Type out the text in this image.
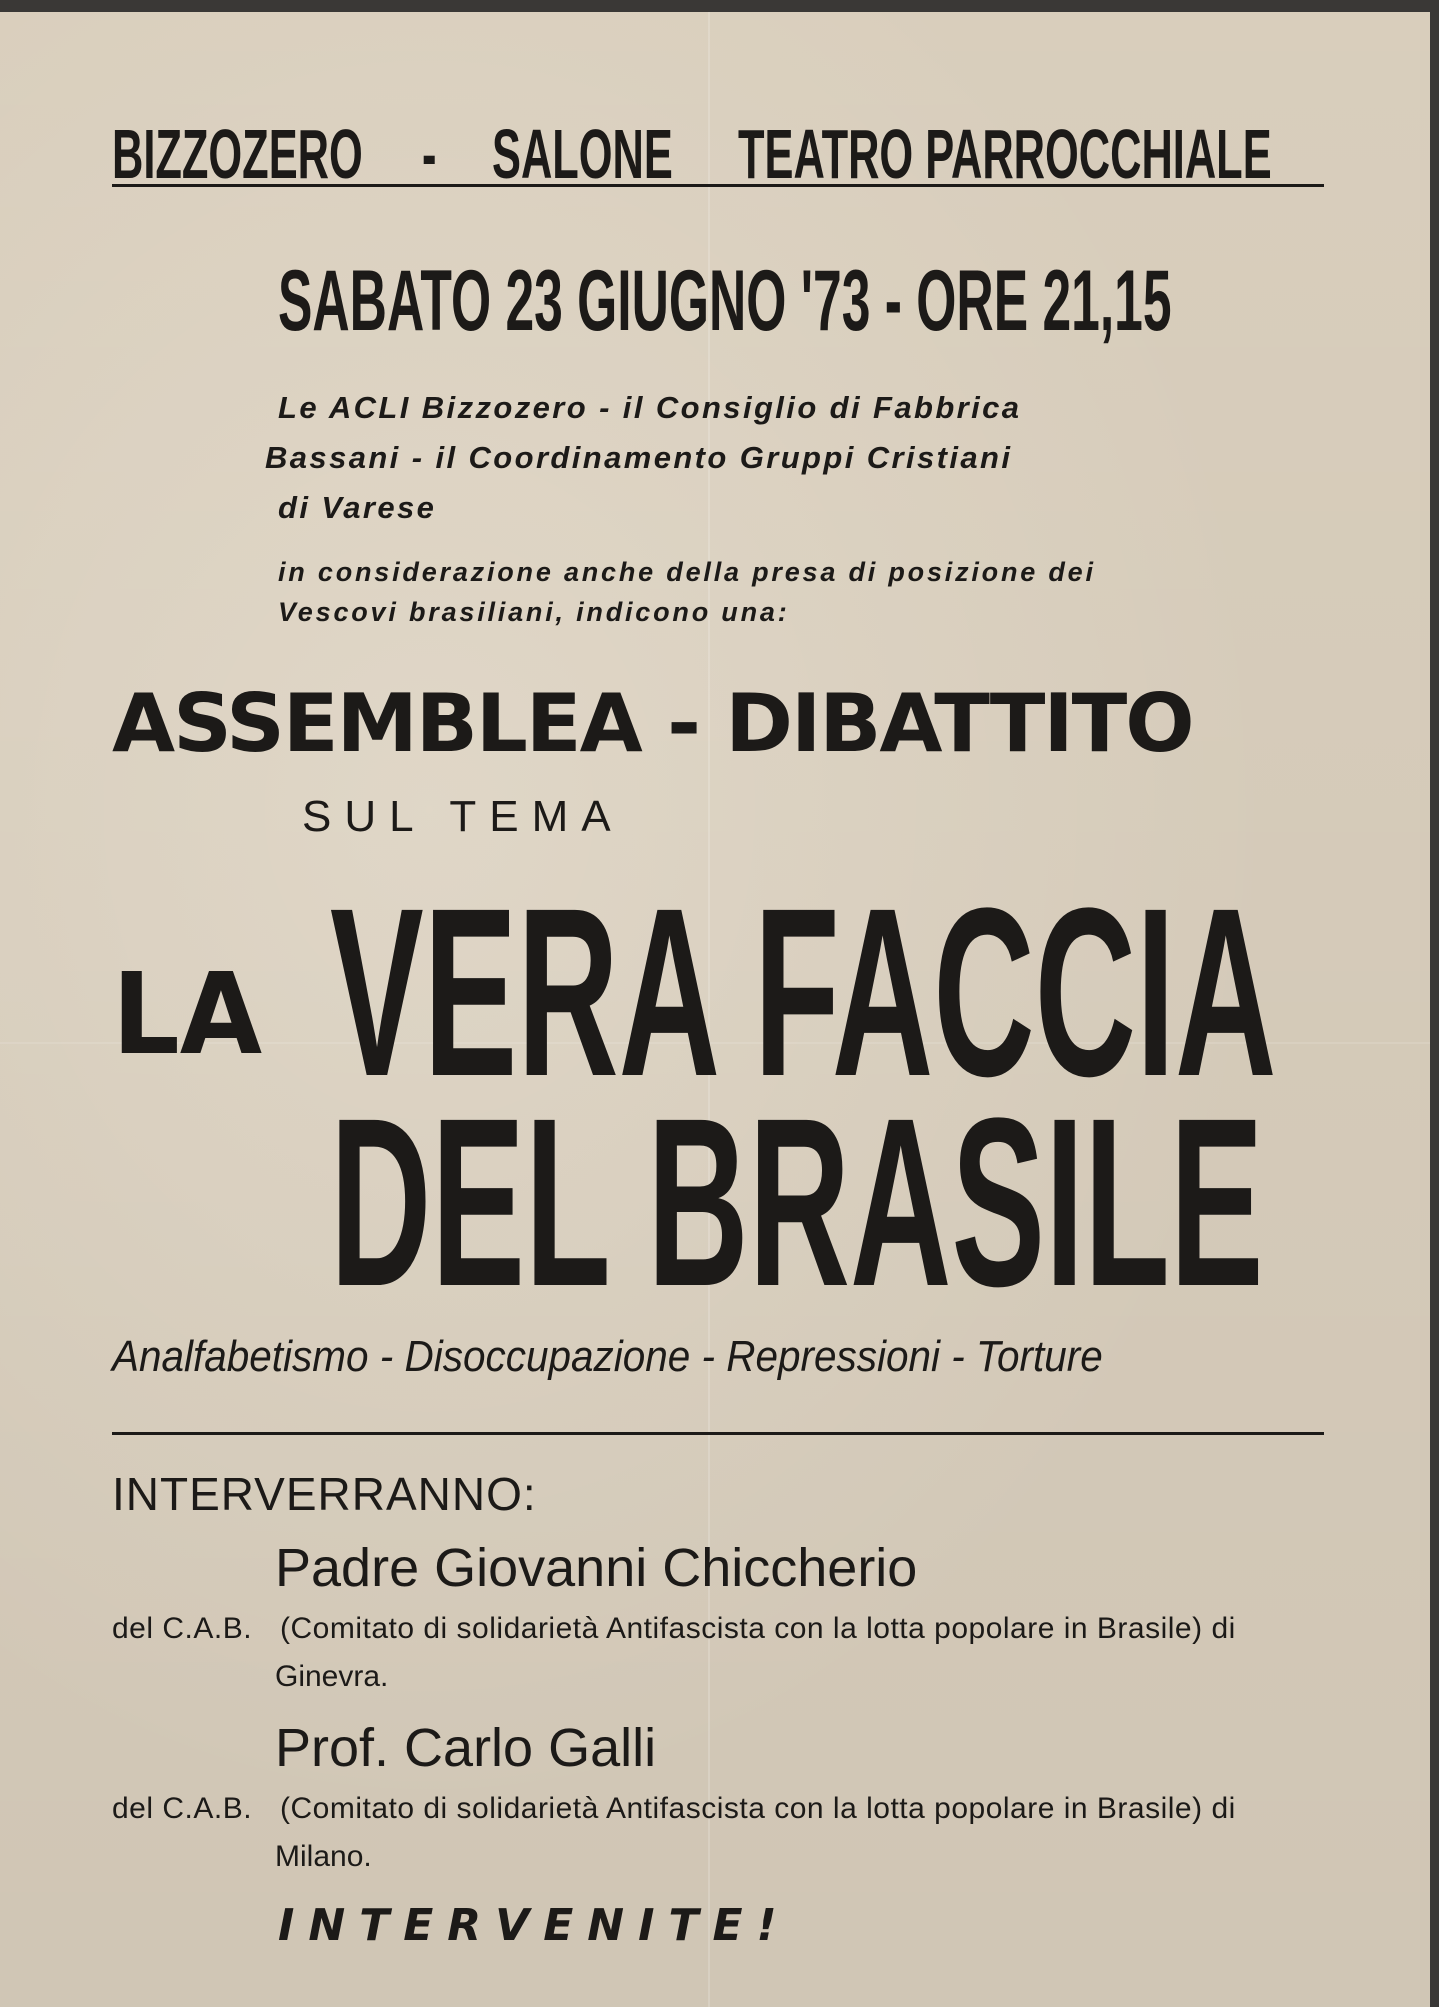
BIZZOZERO - SALONE TEATRO PARROCCHIALE
SABATO 23 GIUGNO '73 - ORE 21,15
Le ACLI Bizzozero - il Consiglio di Fabbrica
Bassani - il Coordinamento Gruppi Cristiani
di Varese
in considerazione anche della presa di posizione dei
Vescovi brasiliani, indicono una:
ASSEMBLEA - DIBATTITO
SUL TEMA
LA VERA FACCIA
DEL BRASILE
Analfabetismo - Disoccupazione - Repressioni - Torture
INTERVERRANNO:
Padre Giovanni Chiccherio
del C.A.B. (Comitato di solidarietà Antifascista con la lotta popolare in Brasile) di
Ginevra.
Prof. Carlo Galli
del C.A.B. (Comitato di solidarietà Antifascista con la lotta popolare in Brasile) di
Milano.
INTERVENITE!
